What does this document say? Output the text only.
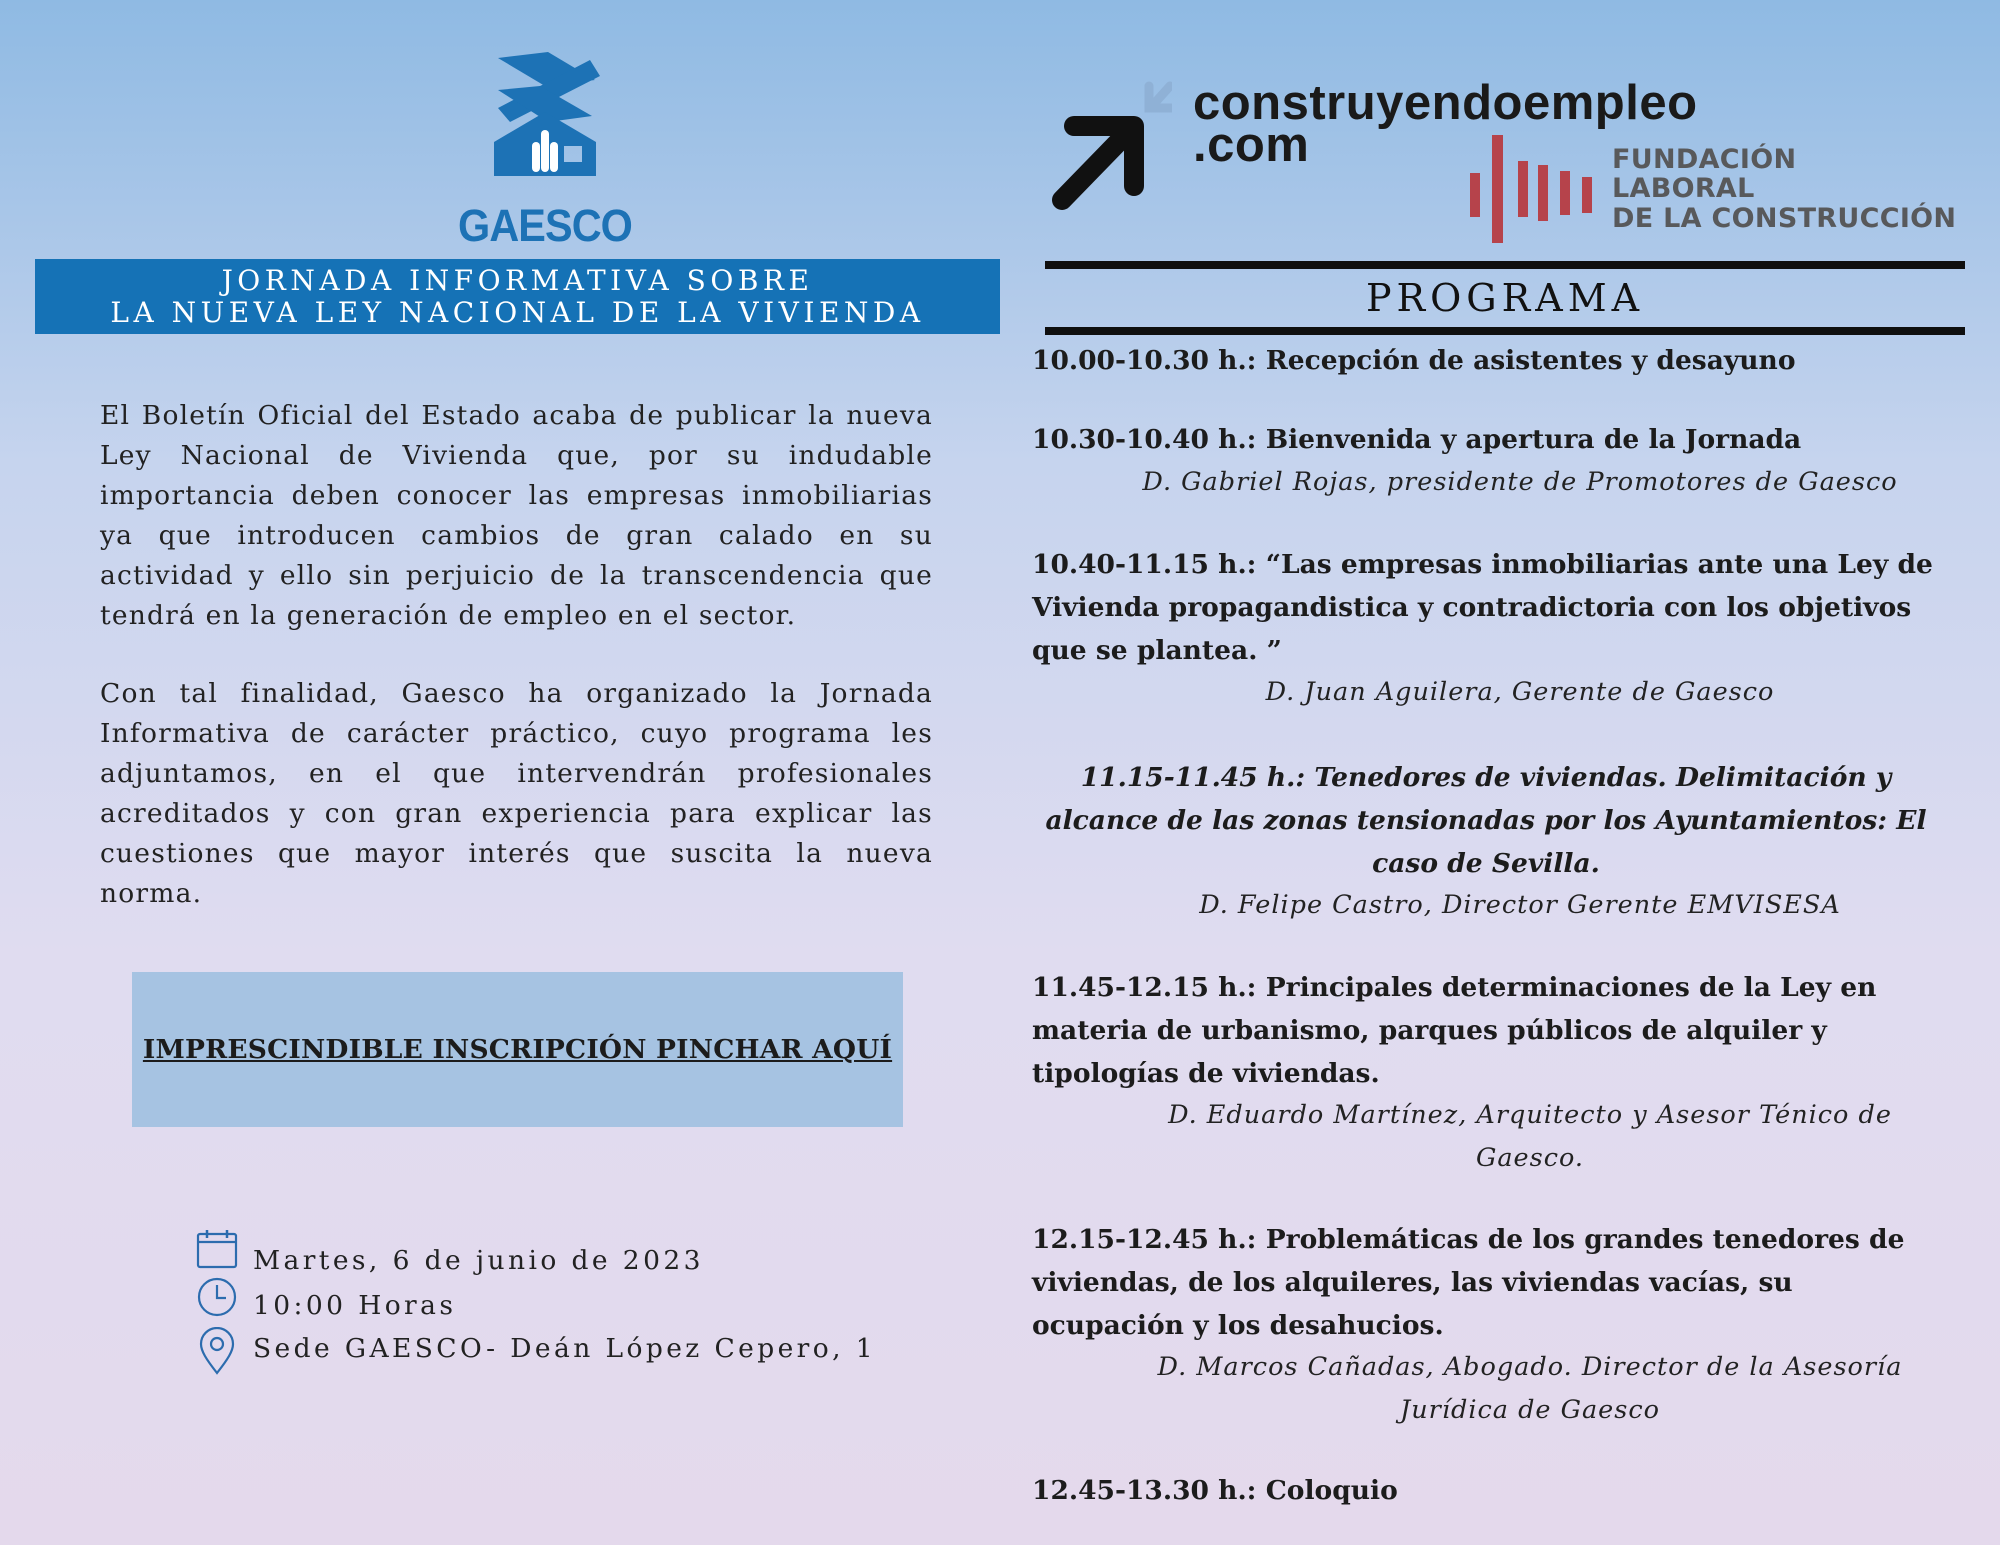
GAESCO
JORNADA INFORMATIVA SOBRE
LA NUEVA LEY NACIONAL DE LA VIVIENDA

El Boletín Oficial del Estado acaba de publicar la nueva Ley Nacional de Vivienda que, por su indudable importancia deben conocer las empresas inmobiliarias ya que introducen cambios de gran calado en su actividad y ello sin perjuicio de la transcendencia que tendrá en la generación de empleo en el sector.

Con tal finalidad, Gaesco ha organizado la Jornada Informativa de carácter práctico, cuyo programa les adjuntamos, en el que intervendrán profesionales acreditados y con gran experiencia para explicar las cuestiones que mayor interés que suscita la nueva norma.

IMPRESCINDIBLE INSCRIPCIÓN PINCHAR AQUÍ
Martes, 6 de junio de 2023
10:00 Horas
Sede GAESCO- Deán López Cepero, 1
construyendoempleo
.com	FUNDACIÓN
LABORAL
DE LA CONSTRUCCIÓN
PROGRAMA

10.00-10.30 h.: Recepción de asistentes y desayuno

10.30-10.40 h.: Bienvenida y apertura de la Jornada

D. Gabriel Rojas, presidente de Promotores de Gaesco

10.40-11.15 h.: “Las empresas inmobiliarias ante una Ley de Vivienda propagandistica y contradictoria con los objetivos que se plantea. ”

D. Juan Aguilera, Gerente de Gaesco

11.15-11.45 h.: Tenedores de viviendas. Delimitación y alcance de las zonas tensionadas por los Ayuntamientos: El caso de Sevilla.

D. Felipe Castro, Director Gerente EMVISESA

11.45-12.15 h.: Principales determinaciones de la Ley en materia de urbanismo, parques públicos de alquiler y tipologías de viviendas.

D. Eduardo Martínez, Arquitecto y Asesor Ténico de Gaesco.

12.15-12.45 h.: Problemáticas de los grandes tenedores de viviendas, de los alquileres, las viviendas vacías, su ocupación y los desahucios.

D. Marcos Cañadas, Abogado. Director de la Asesoría Jurídica de Gaesco

12.45-13.30 h.: Coloquio
